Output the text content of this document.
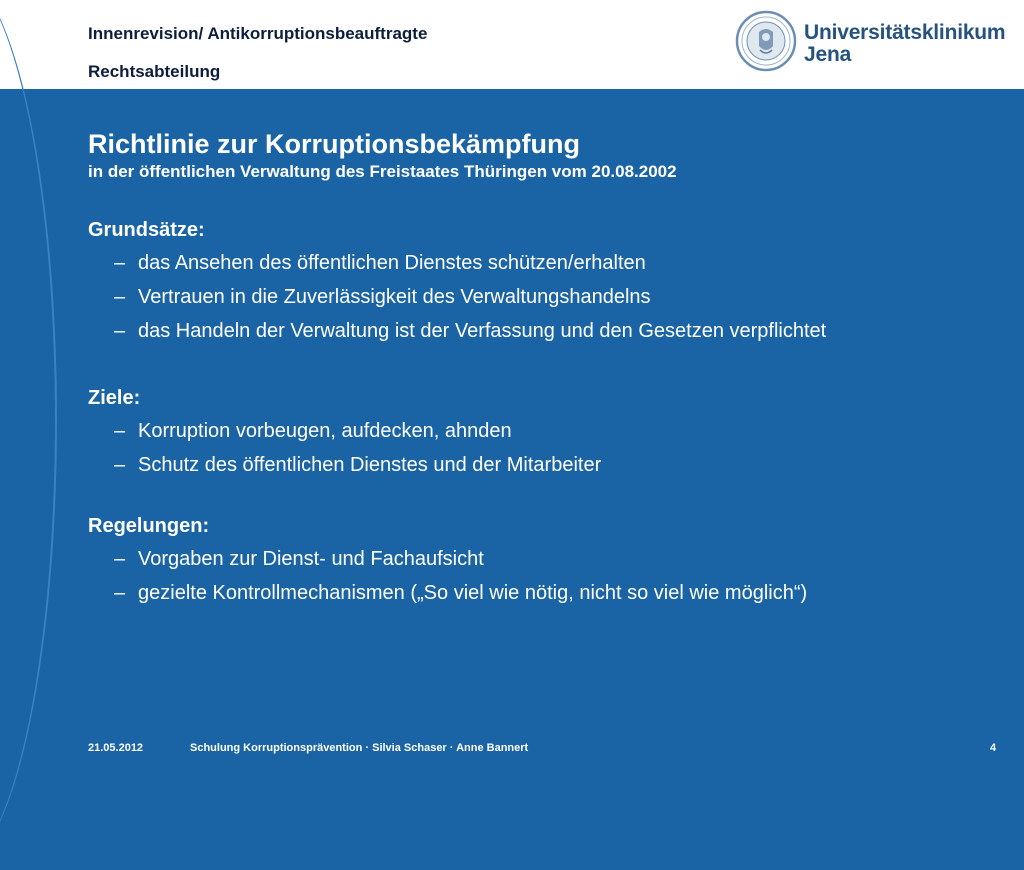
Innenrevision/ Antikorruptionsbeauftragte
Rechtsabteilung
Universitätsklinikum
Jena
Richtlinie zur Korruptionsbekämpfung

in der öffentlichen Verwaltung des Freistaates Thüringen vom 20.08.2002

Grundsätze:
– das Ansehen des öffentlichen Dienstes schützen/erhalten
– Vertrauen in die Zuverlässigkeit des Verwaltungshandelns
– das Handeln der Verwaltung ist der Verfassung und den Gesetzen verpflichtet
Ziele:
– Korruption vorbeugen, aufdecken, ahnden
– Schutz des öffentlichen Dienstes und der Mitarbeiter
Regelungen:
– Vorgaben zur Dienst- und Fachaufsicht
– gezielte Kontrollmechanismen („So viel wie nötig, nicht so viel wie möglich“)
21.05.2012	Schulung Korruptionsprävention · Silvia Schaser · Anne Bannert	4
